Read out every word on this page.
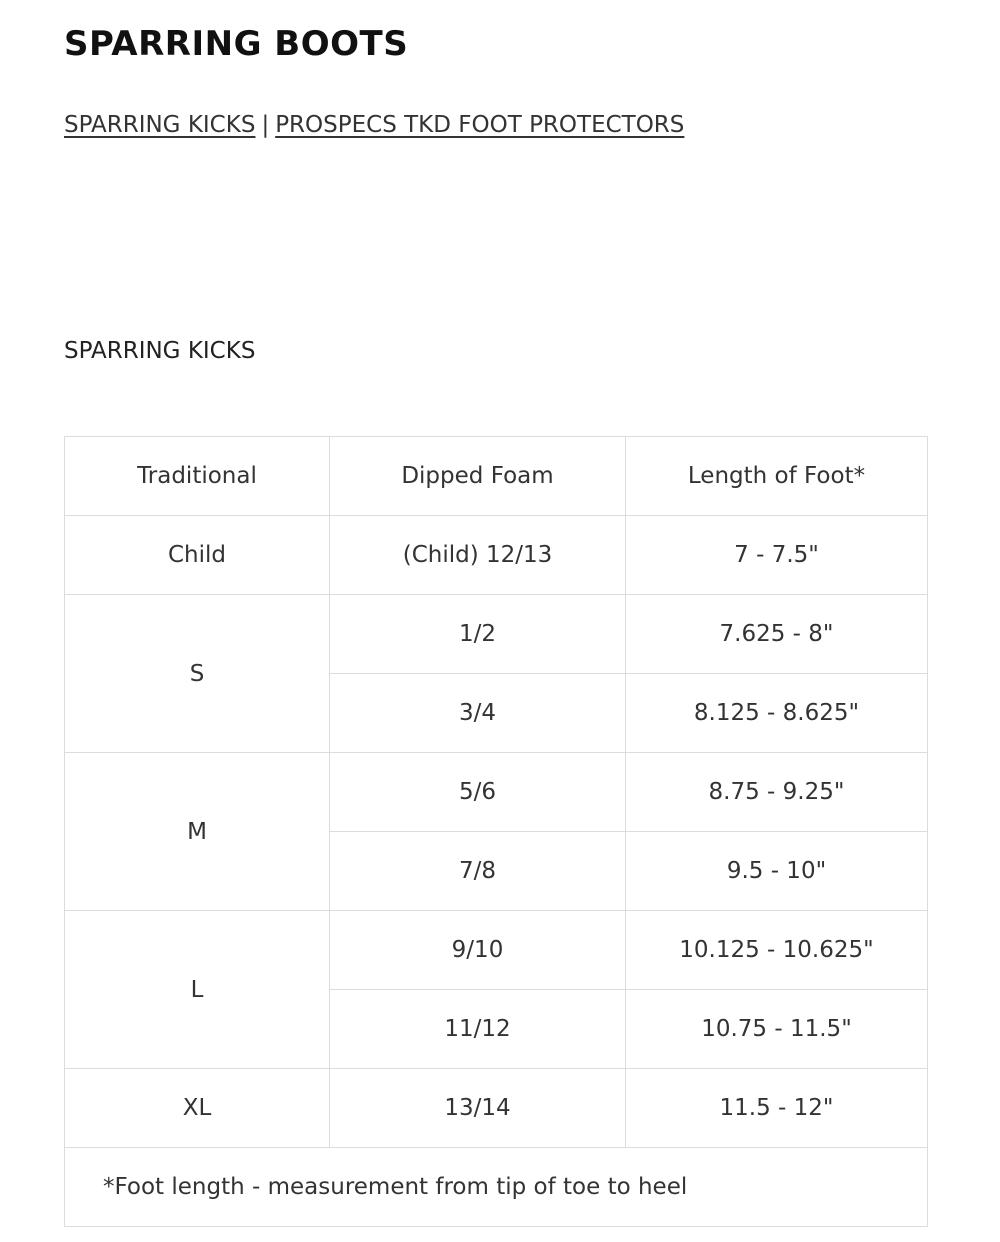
SPARRING BOOTS
SPARRING KICKS | PROSPECS TKD FOOT PROTECTORS
SPARRING KICKS
Traditional	Dipped Foam	Length of Foot*
Child	(Child) 12/13	7 - 7.5"
S	1/2	7.625 - 8"
	3/4	8.125 - 8.625"
M	5/6	8.75 - 9.25"
	7/8	9.5 - 10"
L	9/10	10.125 - 10.625"
	11/12	10.75 - 11.5"
XL	13/14	11.5 - 12"
*Foot length - measurement from tip of toe to heel		
